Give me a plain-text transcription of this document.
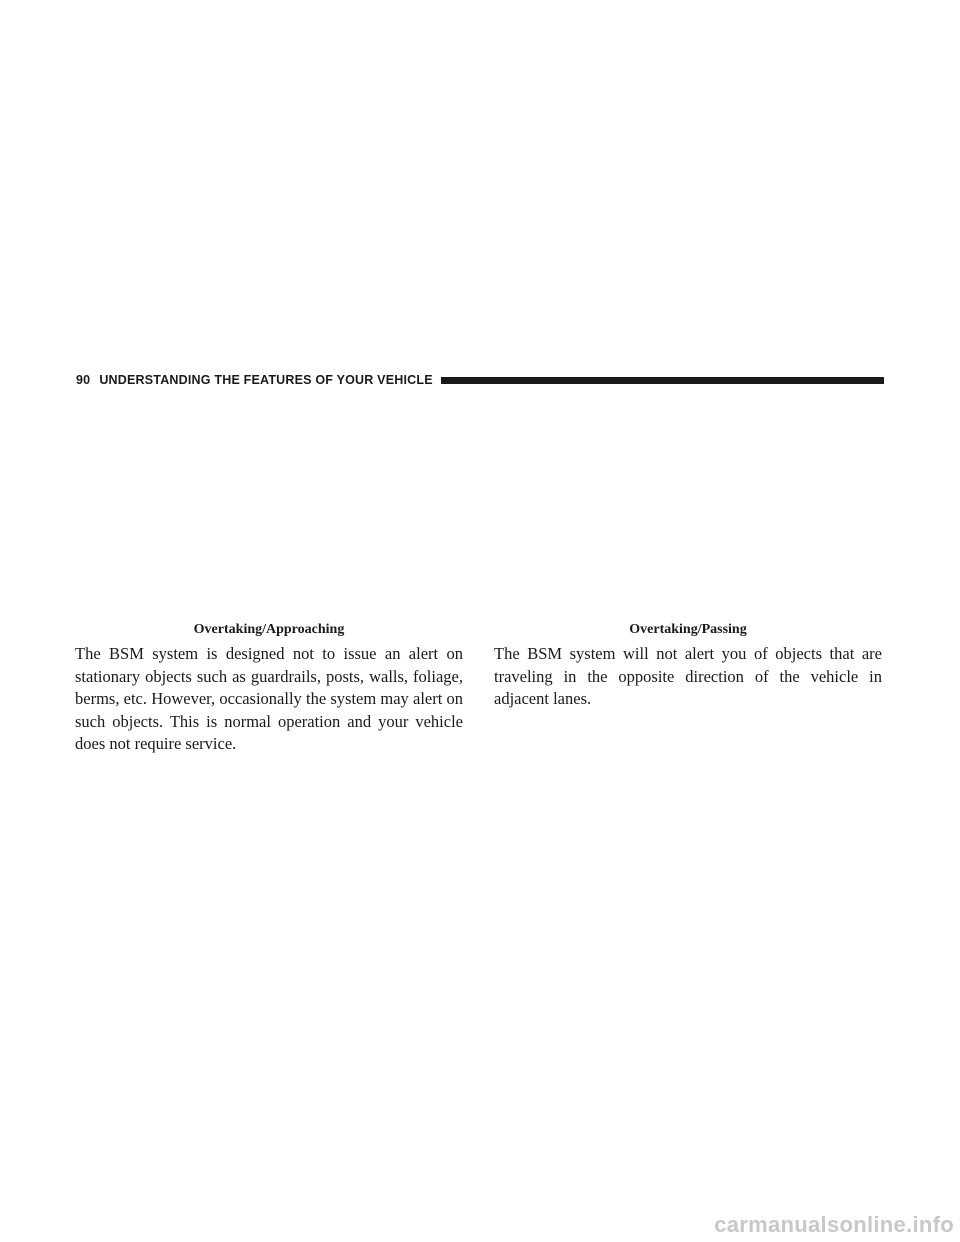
90 UNDERSTANDING THE FEATURES OF YOUR VEHICLE
Overtaking/Approaching

The BSM system is designed not to issue an alert on stationary objects such as guardrails, posts, walls, foliage, berms, etc. However, occasionally the system may alert on such objects. This is normal operation and your vehicle does not require service.

Overtaking/Passing

The BSM system will not alert you of objects that are traveling in the opposite direction of the vehicle in adjacent lanes.

carmanualsonline.info
